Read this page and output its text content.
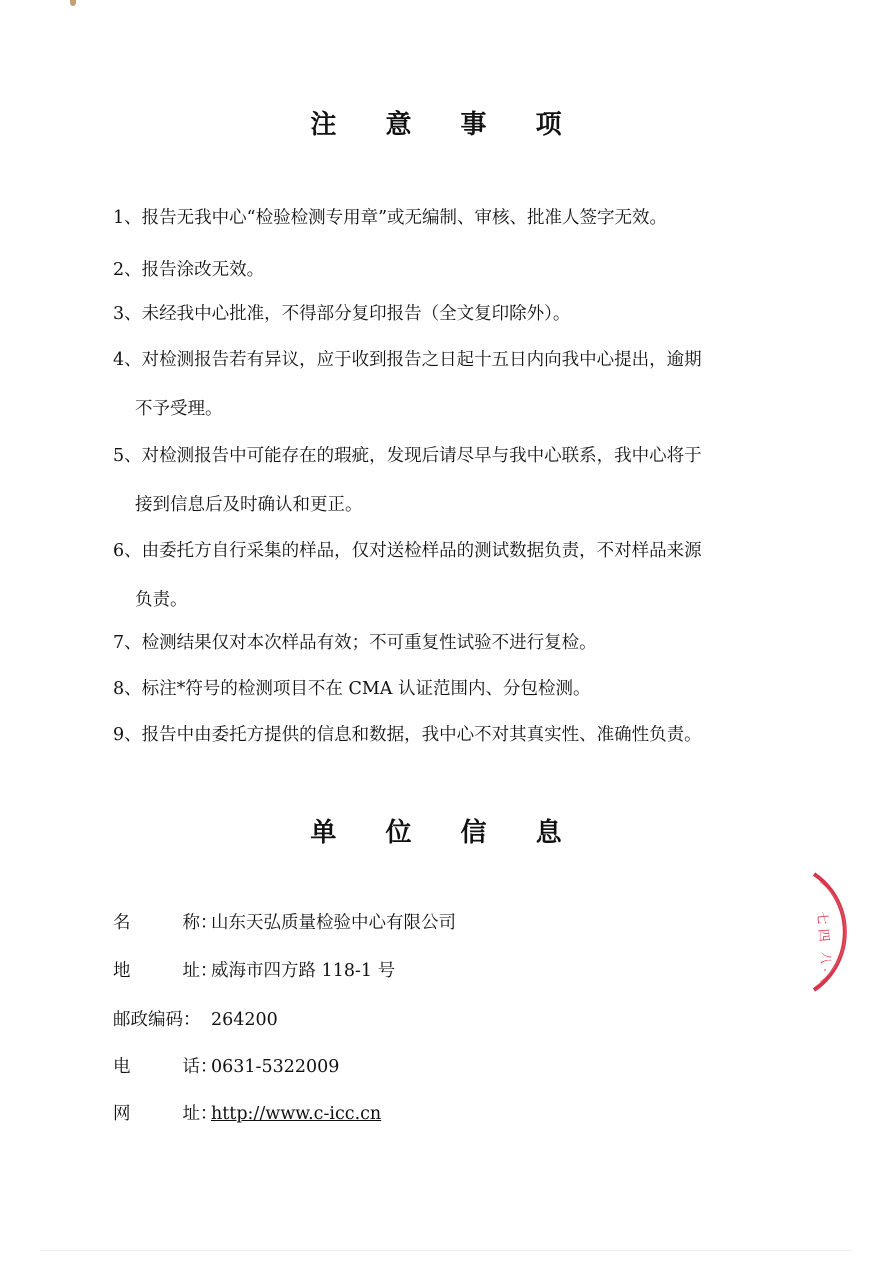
注 意 事 项
1、报告无我中心“检验检测专用章”或无编制、审核、批准人签字无效。
2、报告涂改无效。
3、未经我中心批准，不得部分复印报告（全文复印除外）。
4、对检测报告若有异议，应于收到报告之日起十五日内向我中心提出，逾期
不予受理。
5、对检测报告中可能存在的瑕疵，发现后请尽早与我中心联系，我中心将于
接到信息后及时确认和更正。
6、由委托方自行采集的样品，仅对送检样品的测试数据负责，不对样品来源
负责。
7、检测结果仅对本次样品有效；不可重复性试验不进行复检。
8、标注*符号的检测项目不在 CMA 认证范围内、分包检测。
9、报告中由委托方提供的信息和数据，我中心不对其真实性、准确性负责。
单 位 信 息
名	称：山东天弘质量检验中心有限公司
地	址：威海市四方路 118-1 号
邮政编码： 264200
电	话：0631-5322009
网	址：http://www.c-icc.cn
七 四
八 ·
